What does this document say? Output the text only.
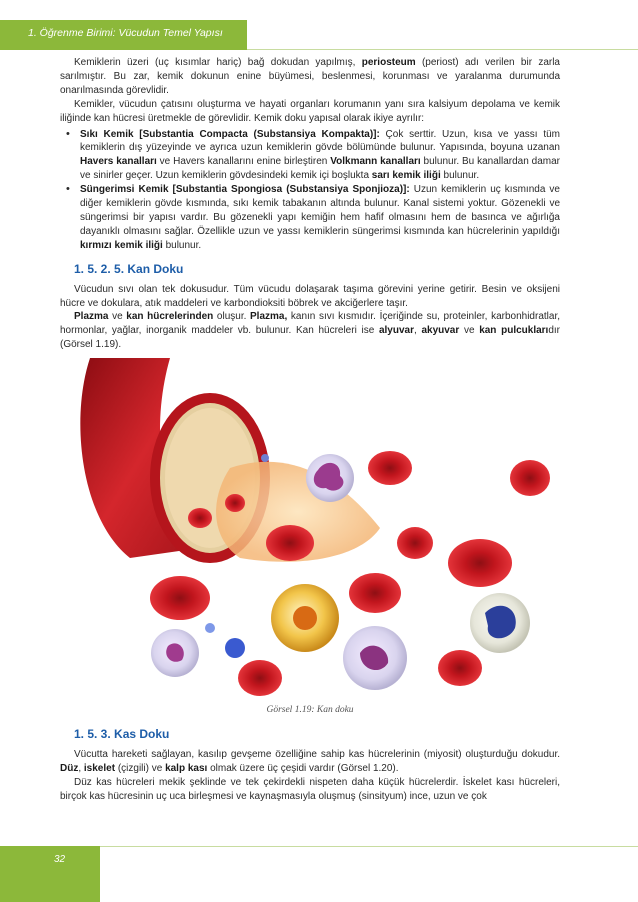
1. Öğrenme Birimi: Vücudun Temel Yapısı

Kemiklerin üzeri (uç kısımlar hariç) bağ dokudan yapılmış, periosteum (periost) adı verilen bir zarla sarılmıştır. Bu zar, kemik dokunun enine büyümesi, beslenmesi, korunması ve yaralanma durumunda onarılmasında görevlidir.

Kemikler, vücudun çatısını oluşturma ve hayati organları korumanın yanı sıra kalsiyum depolama ve kemik iliğinde kan hücresi üretmekle de görevlidir. Kemik doku yapısal olarak ikiye ayrılır:

• Sıkı Kemik [Substantia Compacta (Substansiya Kompakta)]: Çok serttir. Uzun, kısa ve yassı tüm kemiklerin dış yüzeyinde ve ayrıca uzun kemiklerin gövde bölümünde bulunur. Yapısında, boyuna uzanan Havers kanalları ve Havers kanallarını enine birleştiren Volkmann kanalları bulunur. Bu kanallardan damar ve sinirler geçer. Uzun kemiklerin gövdesindeki kemik içi boşlukta sarı kemik iliği bulunur.
• Süngerimsi Kemik [Substantia Spongiosa (Substansiya Sponjioza)]: Uzun kemiklerin uç kısmında ve diğer kemiklerin gövde kısmında, sıkı kemik tabakanın altında bulunur. Kanal sistemi yoktur. Gözenekli ve süngerimsi bir yapısı vardır. Bu gözenekli yapı kemiğin hem hafif olmasını hem de basınca ve ağırlığa dayanıklı olmasını sağlar. Özellikle uzun ve yassı kemiklerin süngerimsi kısmında kan hücrelerinin yapıldığı kırmızı kemik iliği bulunur.
1. 5. 2. 5. Kan Doku

Vücudun sıvı olan tek dokusudur. Tüm vücudu dolaşarak taşıma görevini yerine getirir. Besin ve oksijeni hücre ve dokulara, atık maddeleri ve karbondioksiti böbrek ve akciğerlere taşır.

Plazma ve kan hücrelerinden oluşur. Plazma, kanın sıvı kısmıdır. İçeriğinde su, proteinler, karbonhidratlar, hormonlar, yağlar, inorganik maddeler vb. bulunur. Kan hücreleri ise alyuvar, akyuvar ve kan pulcuklarıdır (Görsel 1.19).

Görsel 1.19: Kan doku
1. 5. 3. Kas Doku

Vücutta hareketi sağlayan, kasılıp gevşeme özelliğine sahip kas hücrelerinin (miyosit) oluşturduğu dokudur. Düz, iskelet (çizgili) ve kalp kası olmak üzere üç çeşidi vardır (Görsel 1.20).

Düz kas hücreleri mekik şeklinde ve tek çekirdekli nispeten daha küçük hücrelerdir. İskelet kası hücreleri, birçok kas hücresinin uç uca birleşmesi ve kaynaşmasıyla oluşmuş (sinsityum) ince, uzun ve çok

32
